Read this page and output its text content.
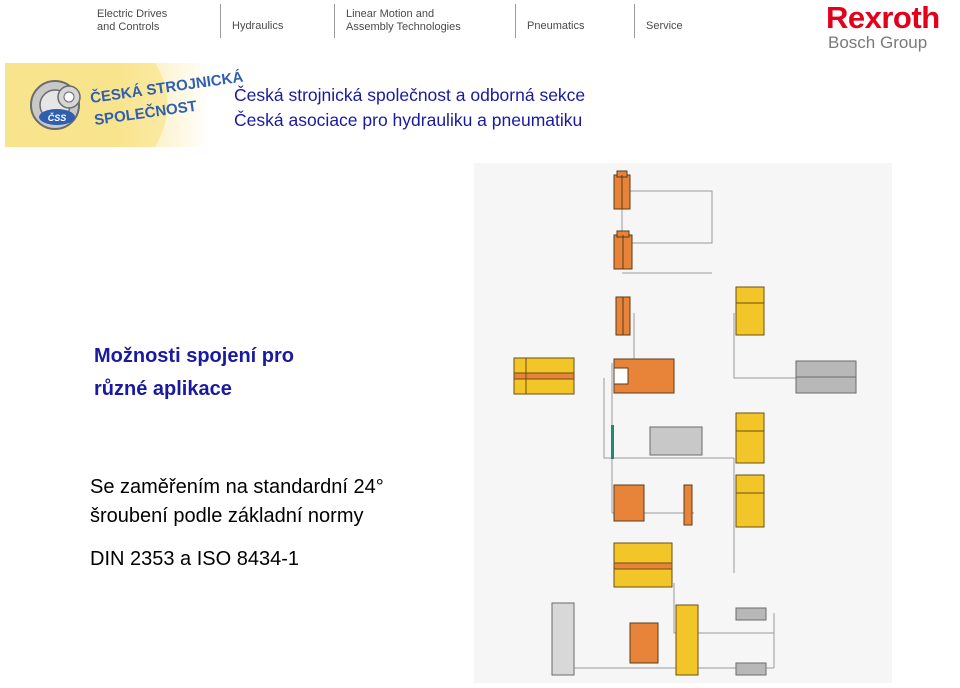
Electric Drives
and Controls	Hydraulics
Linear Motion and
Assembly Technologies	Pneumatics	Service	Rexroth
Bosch Group
ČSS
ČESKÁ STROJNICKÁ
SPOLEČNOST
Česká strojnická společnost a odborná sekce
Česká asociace pro hydrauliku a pneumatiku
Možnosti spojení pro
různé aplikace
Se zaměřením na standardní 24°
šroubení podle základní normy
DIN 2353 a ISO 8434-1
